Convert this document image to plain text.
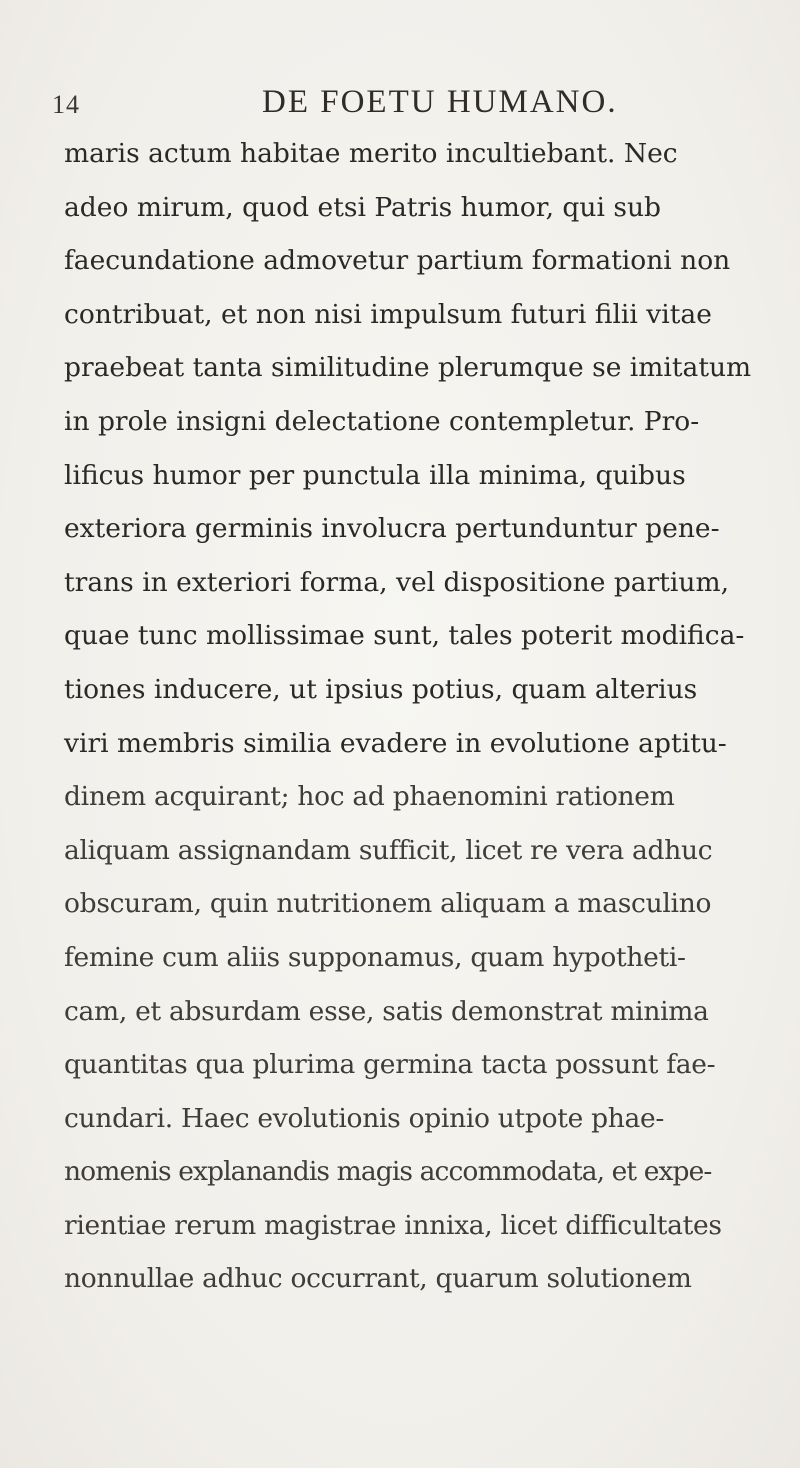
14	DE FOETU HUMANO.
maris actum habitae merito incultiebant. Nec
adeo mirum, quod etsi Patris humor, qui sub
faecundatione admovetur partium formationi non
contribuat, et non nisi impulsum futuri filii vitae
praebeat tanta similitudine plerumque se imitatum
in prole insigni delectatione contempletur. Pro-
lificus humor per punctula illa minima, quibus
exteriora germinis involucra pertunduntur pene-
trans in exteriori forma, vel dispositione partium,
quae tunc mollissimae sunt, tales poterit modifica-
tiones inducere, ut ipsius potius, quam alterius
viri membris similia evadere in evolutione aptitu-
dinem acquirant; hoc ad phaenomini rationem
aliquam assignandam sufficit, licet re vera adhuc
obscuram, quin nutritionem aliquam a masculino
femine cum aliis supponamus, quam hypotheti-
cam, et absurdam esse, satis demonstrat minima
quantitas qua plurima germina tacta possunt fae-
cundari. Haec evolutionis opinio utpote phae-
nomenis explanandis magis accommodata, et expe-
rientiae rerum magistrae innixa, licet difficultates
nonnullae adhuc occurrant, quarum solutionem
